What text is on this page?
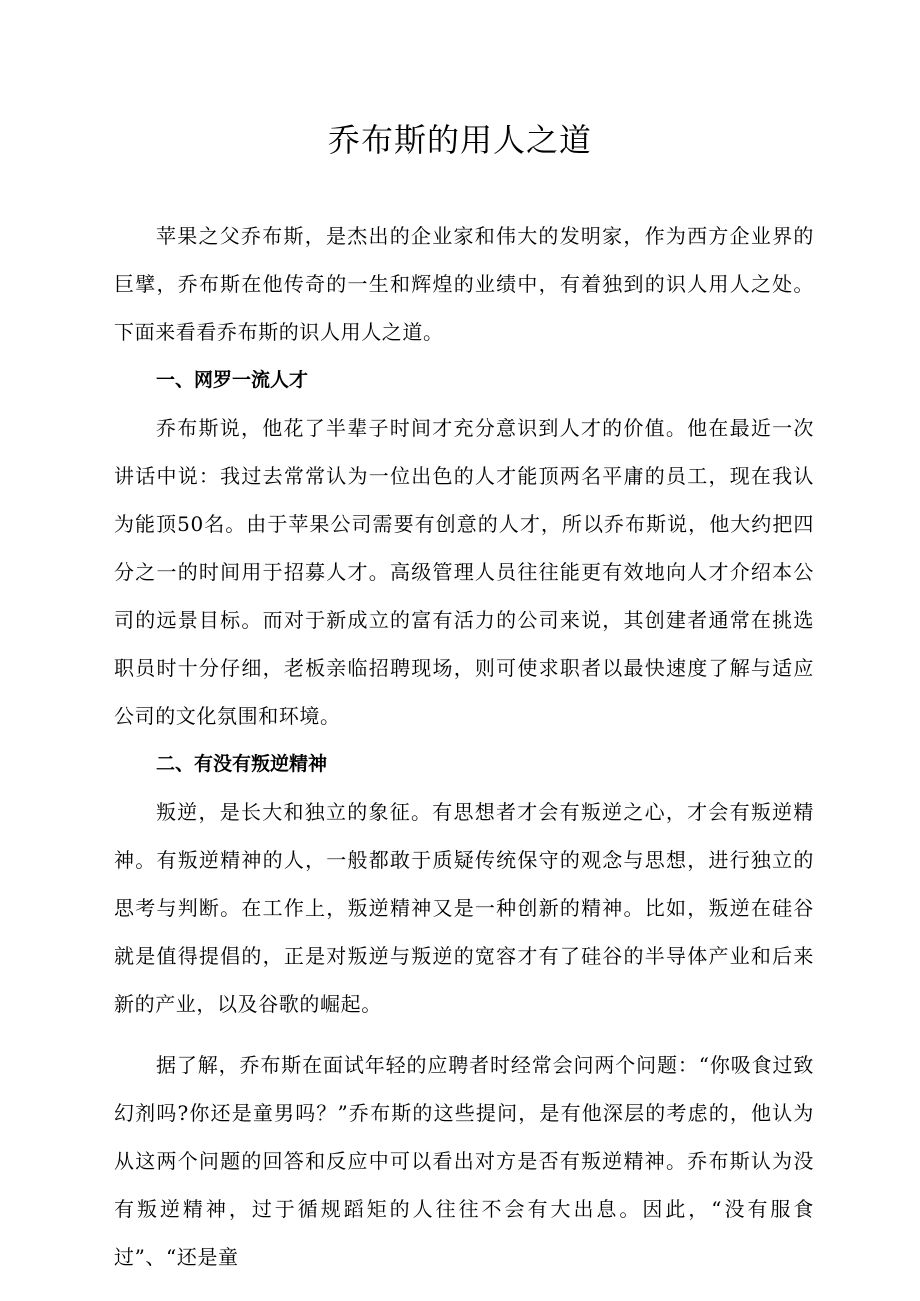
乔布斯的用人之道

苹果之父乔布斯，是杰出的企业家和伟大的发明家，作为西方企业界的巨擘，乔布斯在他传奇的一生和辉煌的业绩中，有着独到的识人用人之处。下面来看看乔布斯的识人用人之道。

一、网罗一流人才

乔布斯说，他花了半辈子时间才充分意识到人才的价值。他在最近一次讲话中说：我过去常常认为一位出色的人才能顶两名平庸的员工，现在我认为能顶50名。由于苹果公司需要有创意的人才，所以乔布斯说，他大约把四分之一的时间用于招募人才。高级管理人员往往能更有效地向人才介绍本公司的远景目标。而对于新成立的富有活力的公司来说，其创建者通常在挑选职员时十分仔细，老板亲临招聘现场，则可使求职者以最快速度了解与适应公司的文化氛围和环境。

二、有没有叛逆精神

叛逆，是长大和独立的象征。有思想者才会有叛逆之心，才会有叛逆精神。有叛逆精神的人，一般都敢于质疑传统保守的观念与思想，进行独立的思考与判断。在工作上，叛逆精神又是一种创新的精神。比如，叛逆在硅谷就是值得提倡的，正是对叛逆与叛逆的宽容才有了硅谷的半导体产业和后来新的产业，以及谷歌的崛起。

据了解，乔布斯在面试年轻的应聘者时经常会问两个问题：“你吸食过致幻剂吗?你还是童男吗？”乔布斯的这些提问，是有他深层的考虑的，他认为从这两个问题的回答和反应中可以看出对方是否有叛逆精神。乔布斯认为没有叛逆精神，过于循规蹈矩的人往往不会有大出息。因此，“没有服食过”、“还是童
